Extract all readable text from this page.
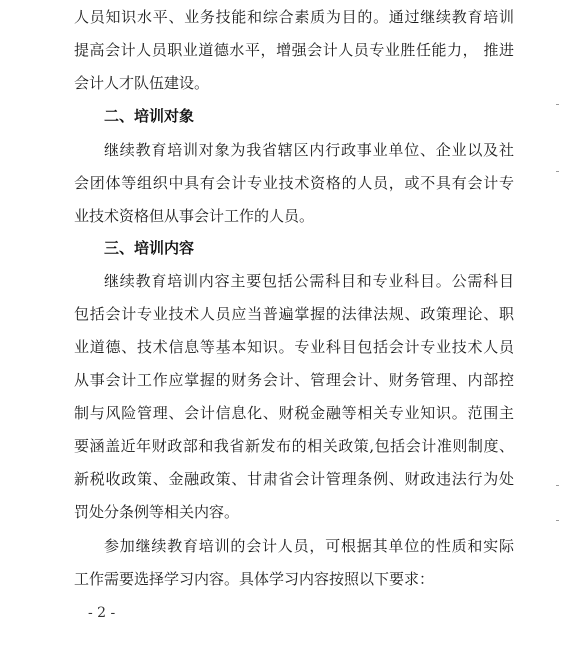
人员知识水平、业务技能和综合素质为目的。通过继续教育培训
提高会计人员职业道德水平，增强会计人员专业胜任能力， 推进
会计人才队伍建设。
二、培训对象
继续教育培训对象为我省辖区内行政事业单位、企业以及社
会团体等组织中具有会计专业技术资格的人员，或不具有会计专
业技术资格但从事会计工作的人员。
三、培训内容
继续教育培训内容主要包括公需科目和专业科目。公需科目
包括会计专业技术人员应当普遍掌握的法律法规、政策理论、职
业道德、技术信息等基本知识。专业科目包括会计专业技术人员
从事会计工作应掌握的财务会计、管理会计、财务管理、内部控
制与风险管理、会计信息化、财税金融等相关专业知识。范围主
要涵盖近年财政部和我省新发布的相关政策,包括会计准则制度、
新税收政策、金融政策、甘肃省会计管理条例、财政违法行为处
罚处分条例等相关内容。
参加继续教育培训的会计人员，可根据其单位的性质和实际
工作需要选择学习内容。具体学习内容按照以下要求：
- 2 -
